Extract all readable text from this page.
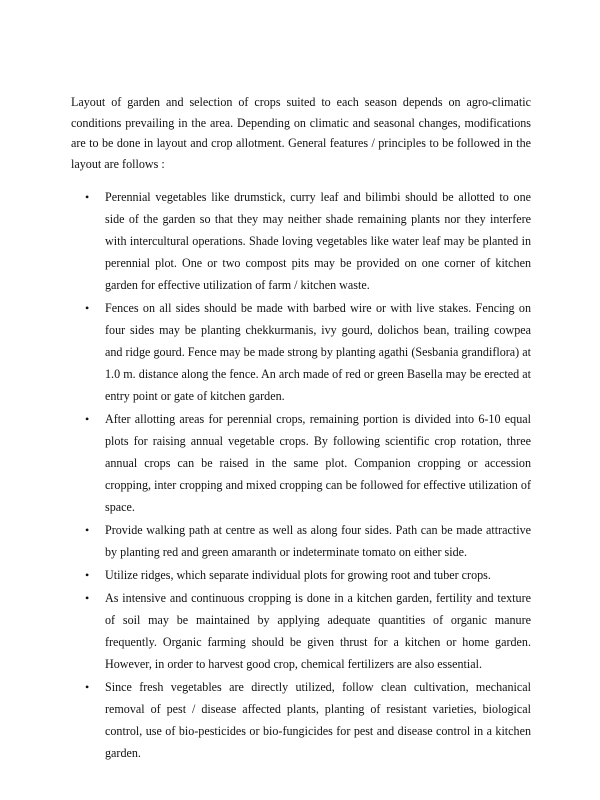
Layout of garden and selection of crops suited to each season depends on agro-climatic conditions prevailing in the area. Depending on climatic and seasonal changes, modifications are to be done in layout and crop allotment. General features / principles to be followed in the layout are follows :

•	Perennial vegetables like drumstick, curry leaf and bilimbi should be allotted to one side of the garden so that they may neither shade remaining plants nor they interfere with intercultural operations. Shade loving vegetables like water leaf may be planted in perennial plot. One or two compost pits may be provided on one corner of kitchen garden for effective utilization of farm / kitchen waste.
•	Fences on all sides should be made with barbed wire or with live stakes. Fencing on four sides may be planting chekkurmanis, ivy gourd, dolichos bean, trailing cowpea and ridge gourd. Fence may be made strong by planting agathi (Sesbania grandiflora) at 1.0 m. distance along the fence. An arch made of red or green Basella may be erected at entry point or gate of kitchen garden.
•	After allotting areas for perennial crops, remaining portion is divided into 6-10 equal plots for raising annual vegetable crops. By following scientific crop rotation, three annual crops can be raised in the same plot. Companion cropping or accession cropping, inter cropping and mixed cropping can be followed for effective utilization of space.
•	Provide walking path at centre as well as along four sides. Path can be made attractive by planting red and green amaranth or indeterminate tomato on either side.
•	Utilize ridges, which separate individual plots for growing root and tuber crops.
•	As intensive and continuous cropping is done in a kitchen garden, fertility and texture of soil may be maintained by applying adequate quantities of organic manure frequently. Organic farming should be given thrust for a kitchen or home garden. However, in order to harvest good crop, chemical fertilizers are also essential.
•	Since fresh vegetables are directly utilized, follow clean cultivation, mechanical removal of pest / disease affected plants, planting of resistant varieties, biological control, use of bio-pesticides or bio-fungicides for pest and disease control in a kitchen garden.
